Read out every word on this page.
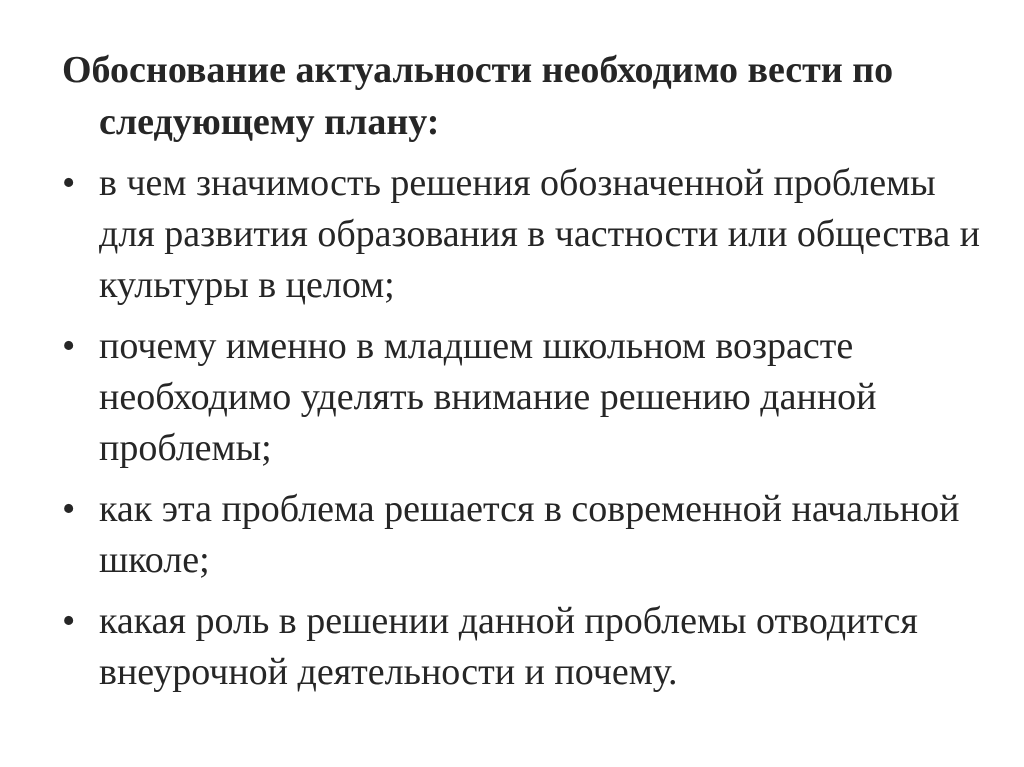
Обоснование актуальности необходимо вести по следующему плану:

• в чем значимость решения обозначенной проблемы для развития образования в частности или общества и культуры в целом;
• почему именно в младшем школьном возрасте необходимо уделять внимание решению данной проблемы;
• как эта проблема решается в современной начальной школе;
• какая роль в решении данной проблемы отводится внеурочной деятельности и почему.
